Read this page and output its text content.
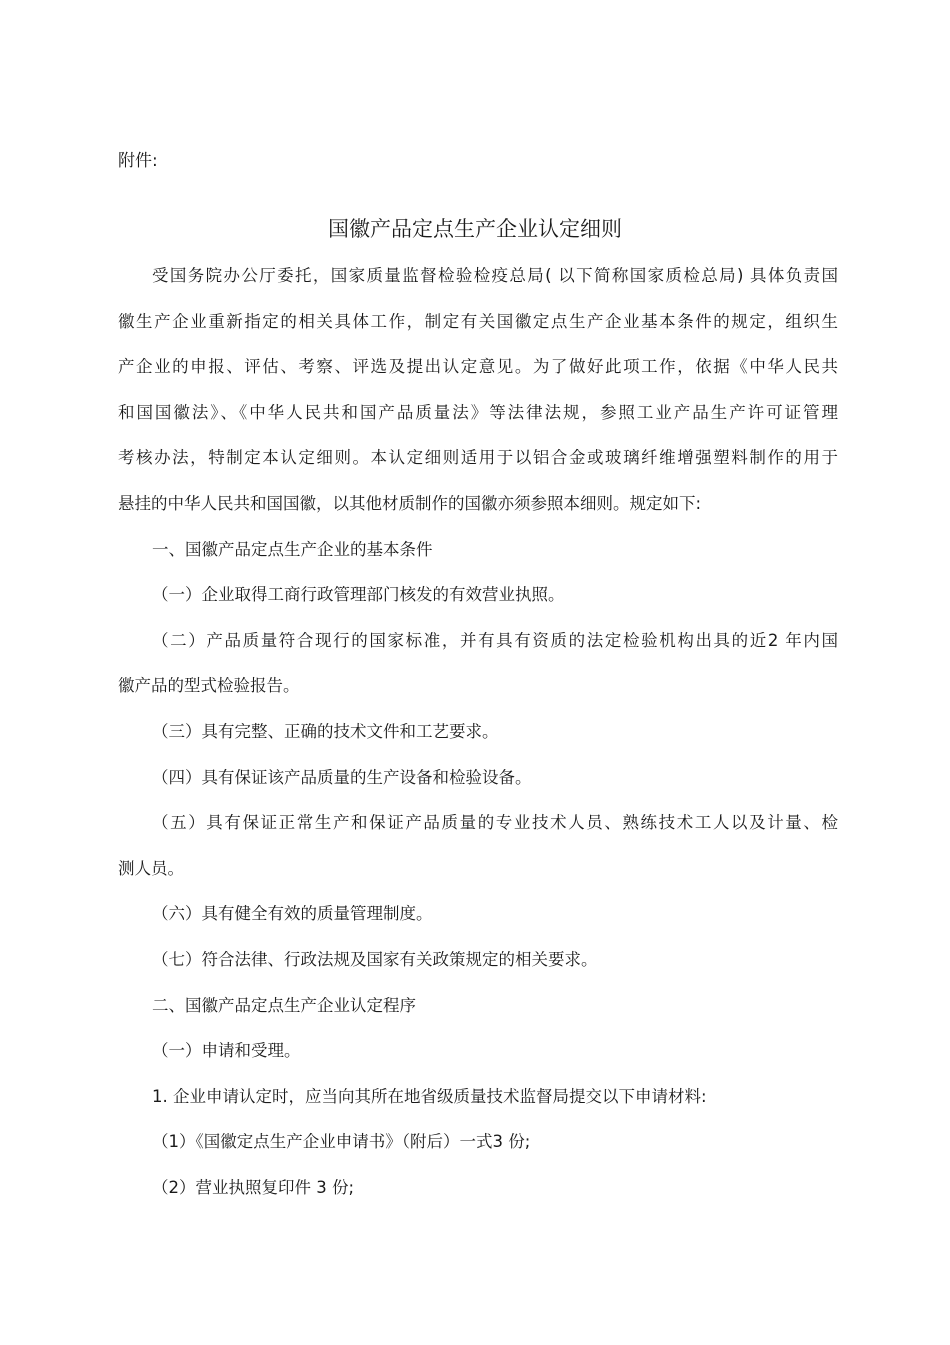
附件:
国徽产品定点生产企业认定细则
受国务院办公厅委托，国家质量监督检验检疫总局( 以下简称国家质检总局) 具体负责国
徽生产企业重新指定的相关具体工作，制定有关国徽定点生产企业基本条件的规定，组织生
产企业的申报、评估、考察、评选及提出认定意见。为了做好此项工作，依据《中华人民共
和国国徽法》、《中华人民共和国产品质量法》等法律法规，参照工业产品生产许可证管理
考核办法，特制定本认定细则。本认定细则适用于以铝合金或玻璃纤维增强塑料制作的用于
悬挂的中华人民共和国国徽，以其他材质制作的国徽亦须参照本细则。规定如下:
一、国徽产品定点生产企业的基本条件
（一）企业取得工商行政管理部门核发的有效营业执照。
（二）产品质量符合现行的国家标准，并有具有资质的法定检验机构出具的近2 年内国
徽产品的型式检验报告。
（三）具有完整、正确的技术文件和工艺要求。
（四）具有保证该产品质量的生产设备和检验设备。
（五）具有保证正常生产和保证产品质量的专业技术人员、熟练技术工人以及计量、检
测人员。
（六）具有健全有效的质量管理制度。
（七）符合法律、行政法规及国家有关政策规定的相关要求。
二、国徽产品定点生产企业认定程序
（一）申请和受理。
1. 企业申请认定时，应当向其所在地省级质量技术监督局提交以下申请材料:
（1）《国徽定点生产企业申请书》（附后）一式3 份;
（2）营业执照复印件 3 份;
